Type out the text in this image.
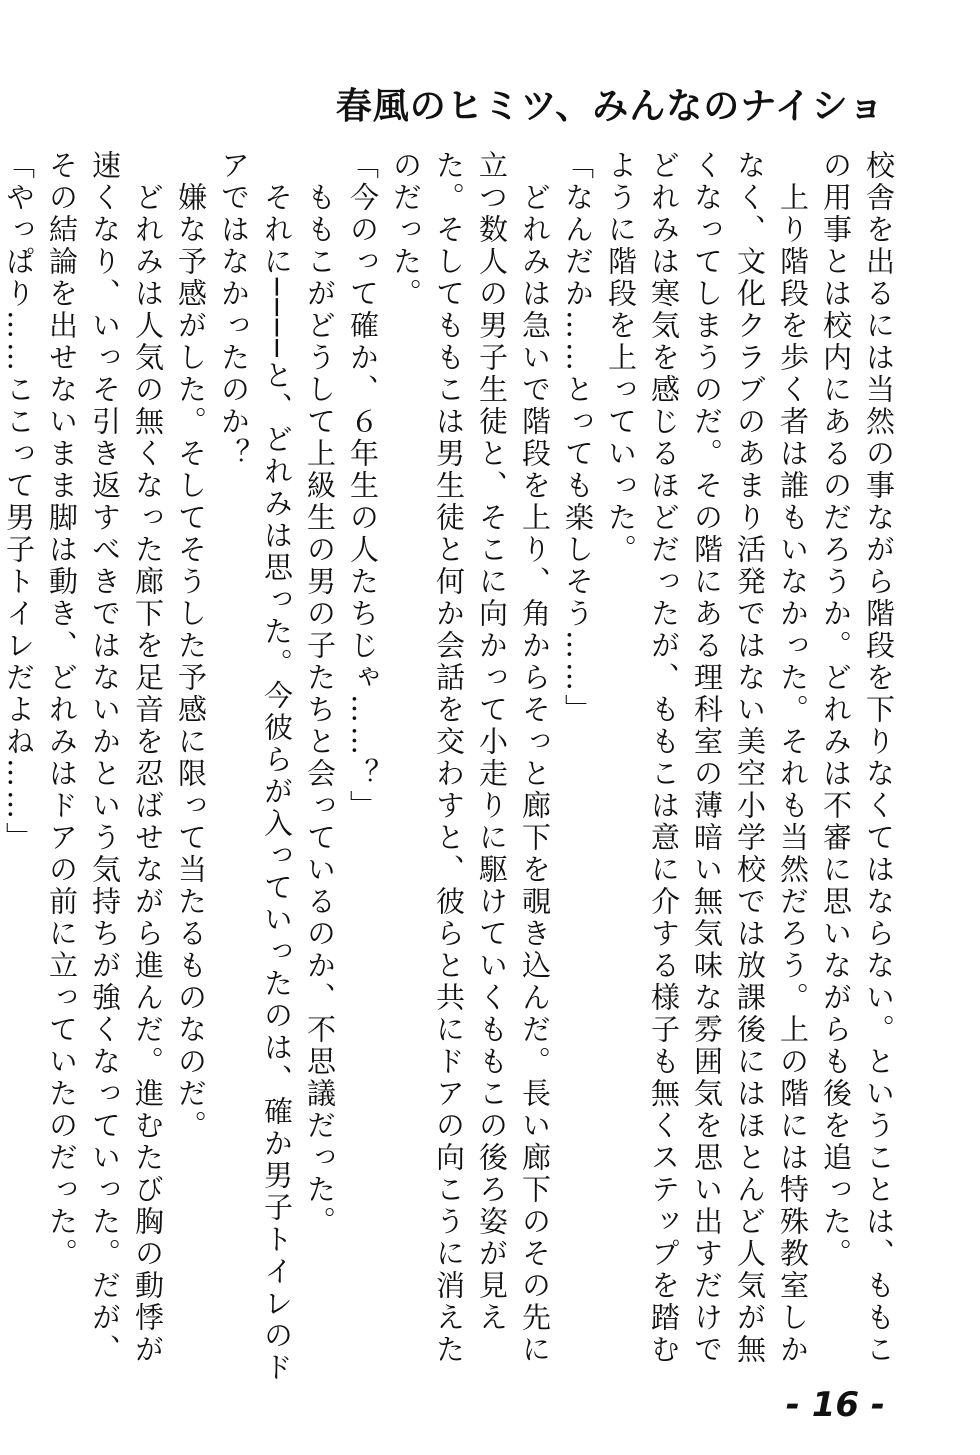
春風のヒミツ、みんなのナイショ

校舎を出るには当然の事ながら階段を下りなくてはならない。ということは、ももこの用事とは校内にあるのだろうか。どれみは不審に思いながらも後を追った。

　上り階段を歩く者は誰もいなかった。それも当然だろう。上の階には特殊教室しかなく、文化クラブのあまり活発ではない美空小学校では放課後にはほとんど人気が無くなってしまうのだ。その階にある理科室の薄暗い無気味な雰囲気を思い出すだけでどれみは寒気を感じるほどだったが、ももこは意に介する様子も無くステップを踏むように階段を上っていった。

「なんだか……とっても楽しそう……」

　どれみは急いで階段を上り、角からそっと廊下を覗き込んだ。長い廊下のその先に立つ数人の男子生徒と、そこに向かって小走りに駆けていくももこの後ろ姿が見えた。そしてももこは男生徒と何か会話を交わすと、彼らと共にドアの向こうに消えたのだった。

「今のって確か、６年生の人たちじゃ……？」

　ももこがどうして上級生の男の子たちと会っているのか、不思議だった。

　それに────と、どれみは思った。今彼らが入っていったのは、確か男子トイレのドアではなかったのか？

　嫌な予感がした。そしてそうした予感に限って当たるものなのだ。

　どれみは人気の無くなった廊下を足音を忍ばせながら進んだ。進むたび胸の動悸が速くなり、いっそ引き返すべきではないかという気持ちが強くなっていった。だが、その結論を出せないまま脚は動き、どれみはドアの前に立っていたのだった。

「やっぱり……ここって男子トイレだよね……」

- 16 -
